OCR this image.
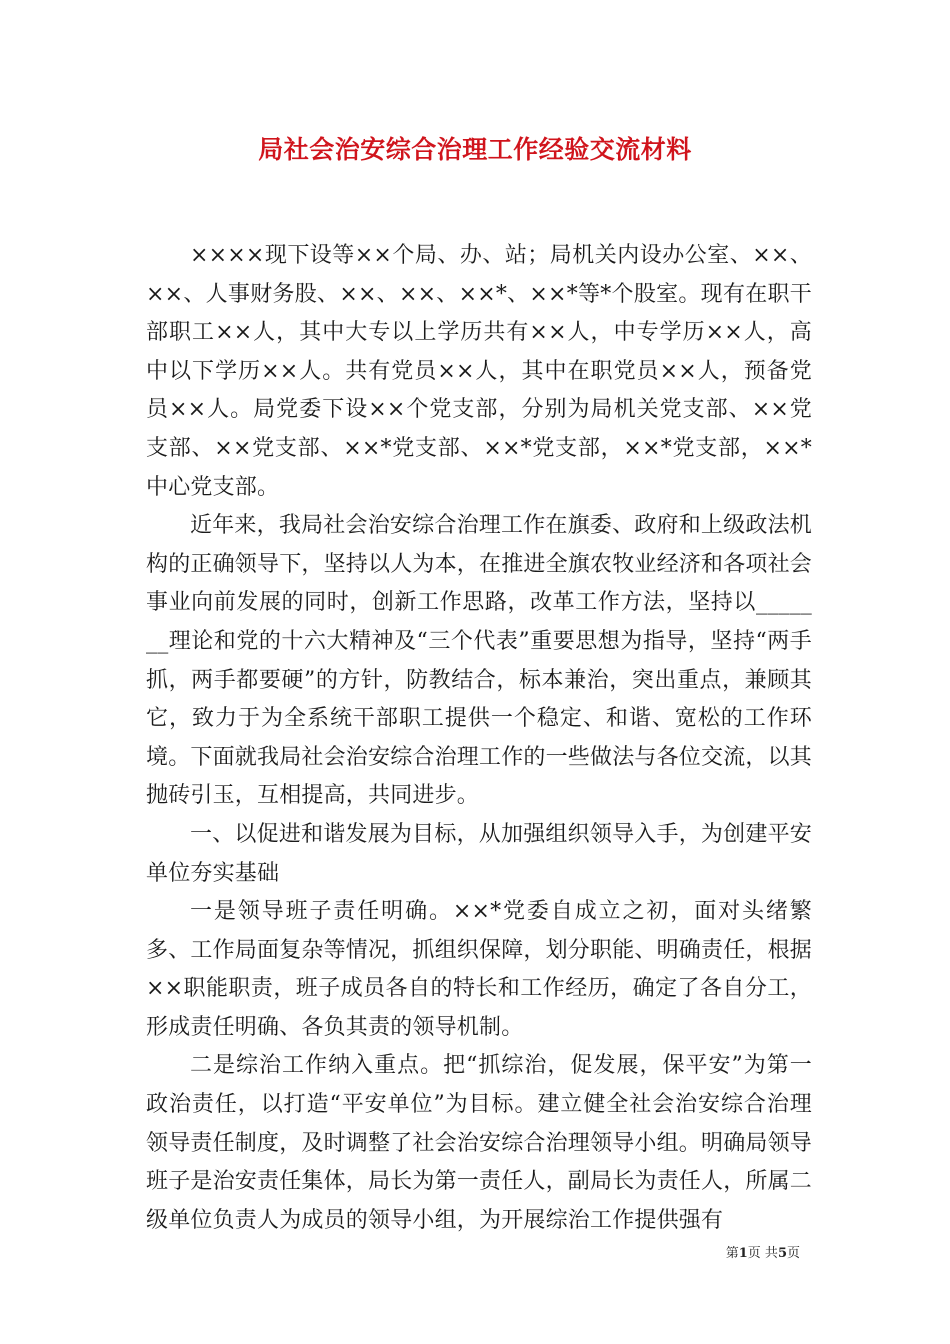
局社会治安综合治理工作经验交流材料

××××现下设等××个局、办、站；局机关内设办公室、××、××、人事财务股、××、××、××*、××*等*个股室。现有在职干部职工××人，其中大专以上学历共有××人，中专学历××人，高中以下学历××人。共有党员××人，其中在职党员××人，预备党员××人。局党委下设××个党支部，分别为局机关党支部、××党支部、××党支部、××*党支部、××*党支部，××*党支部，××*中心党支部。

近年来，我局社会治安综合治理工作在旗委、政府和上级政法机构的正确领导下，坚持以人为本，在推进全旗农牧业经济和各项社会事业向前发展的同时，创新工作思路，改革工作方法，坚持以_______理论和党的十六大精神及“三个代表”重要思想为指导，坚持“两手抓，两手都要硬”的方针，防教结合，标本兼治，突出重点，兼顾其它，致力于为全系统干部职工提供一个稳定、和谐、宽松的工作环境。下面就我局社会治安综合治理工作的一些做法与各位交流，以其抛砖引玉，互相提高，共同进步。

一、以促进和谐发展为目标，从加强组织领导入手，为创建平安单位夯实基础

一是领导班子责任明确。××*党委自成立之初，面对头绪繁多、工作局面复杂等情况，抓组织保障，划分职能、明确责任，根据××职能职责，班子成员各自的特长和工作经历，确定了各自分工，形成责任明确、各负其责的领导机制。

二是综治工作纳入重点。把“抓综治，促发展，保平安”为第一政治责任，以打造“平安单位”为目标。建立健全社会治安综合治理领导责任制度，及时调整了社会治安综合治理领导小组。明确局领导班子是治安责任集体，局长为第一责任人，副局长为责任人，所属二级单位负责人为成员的领导小组，为开展综治工作提供强有

第1页 共5页
